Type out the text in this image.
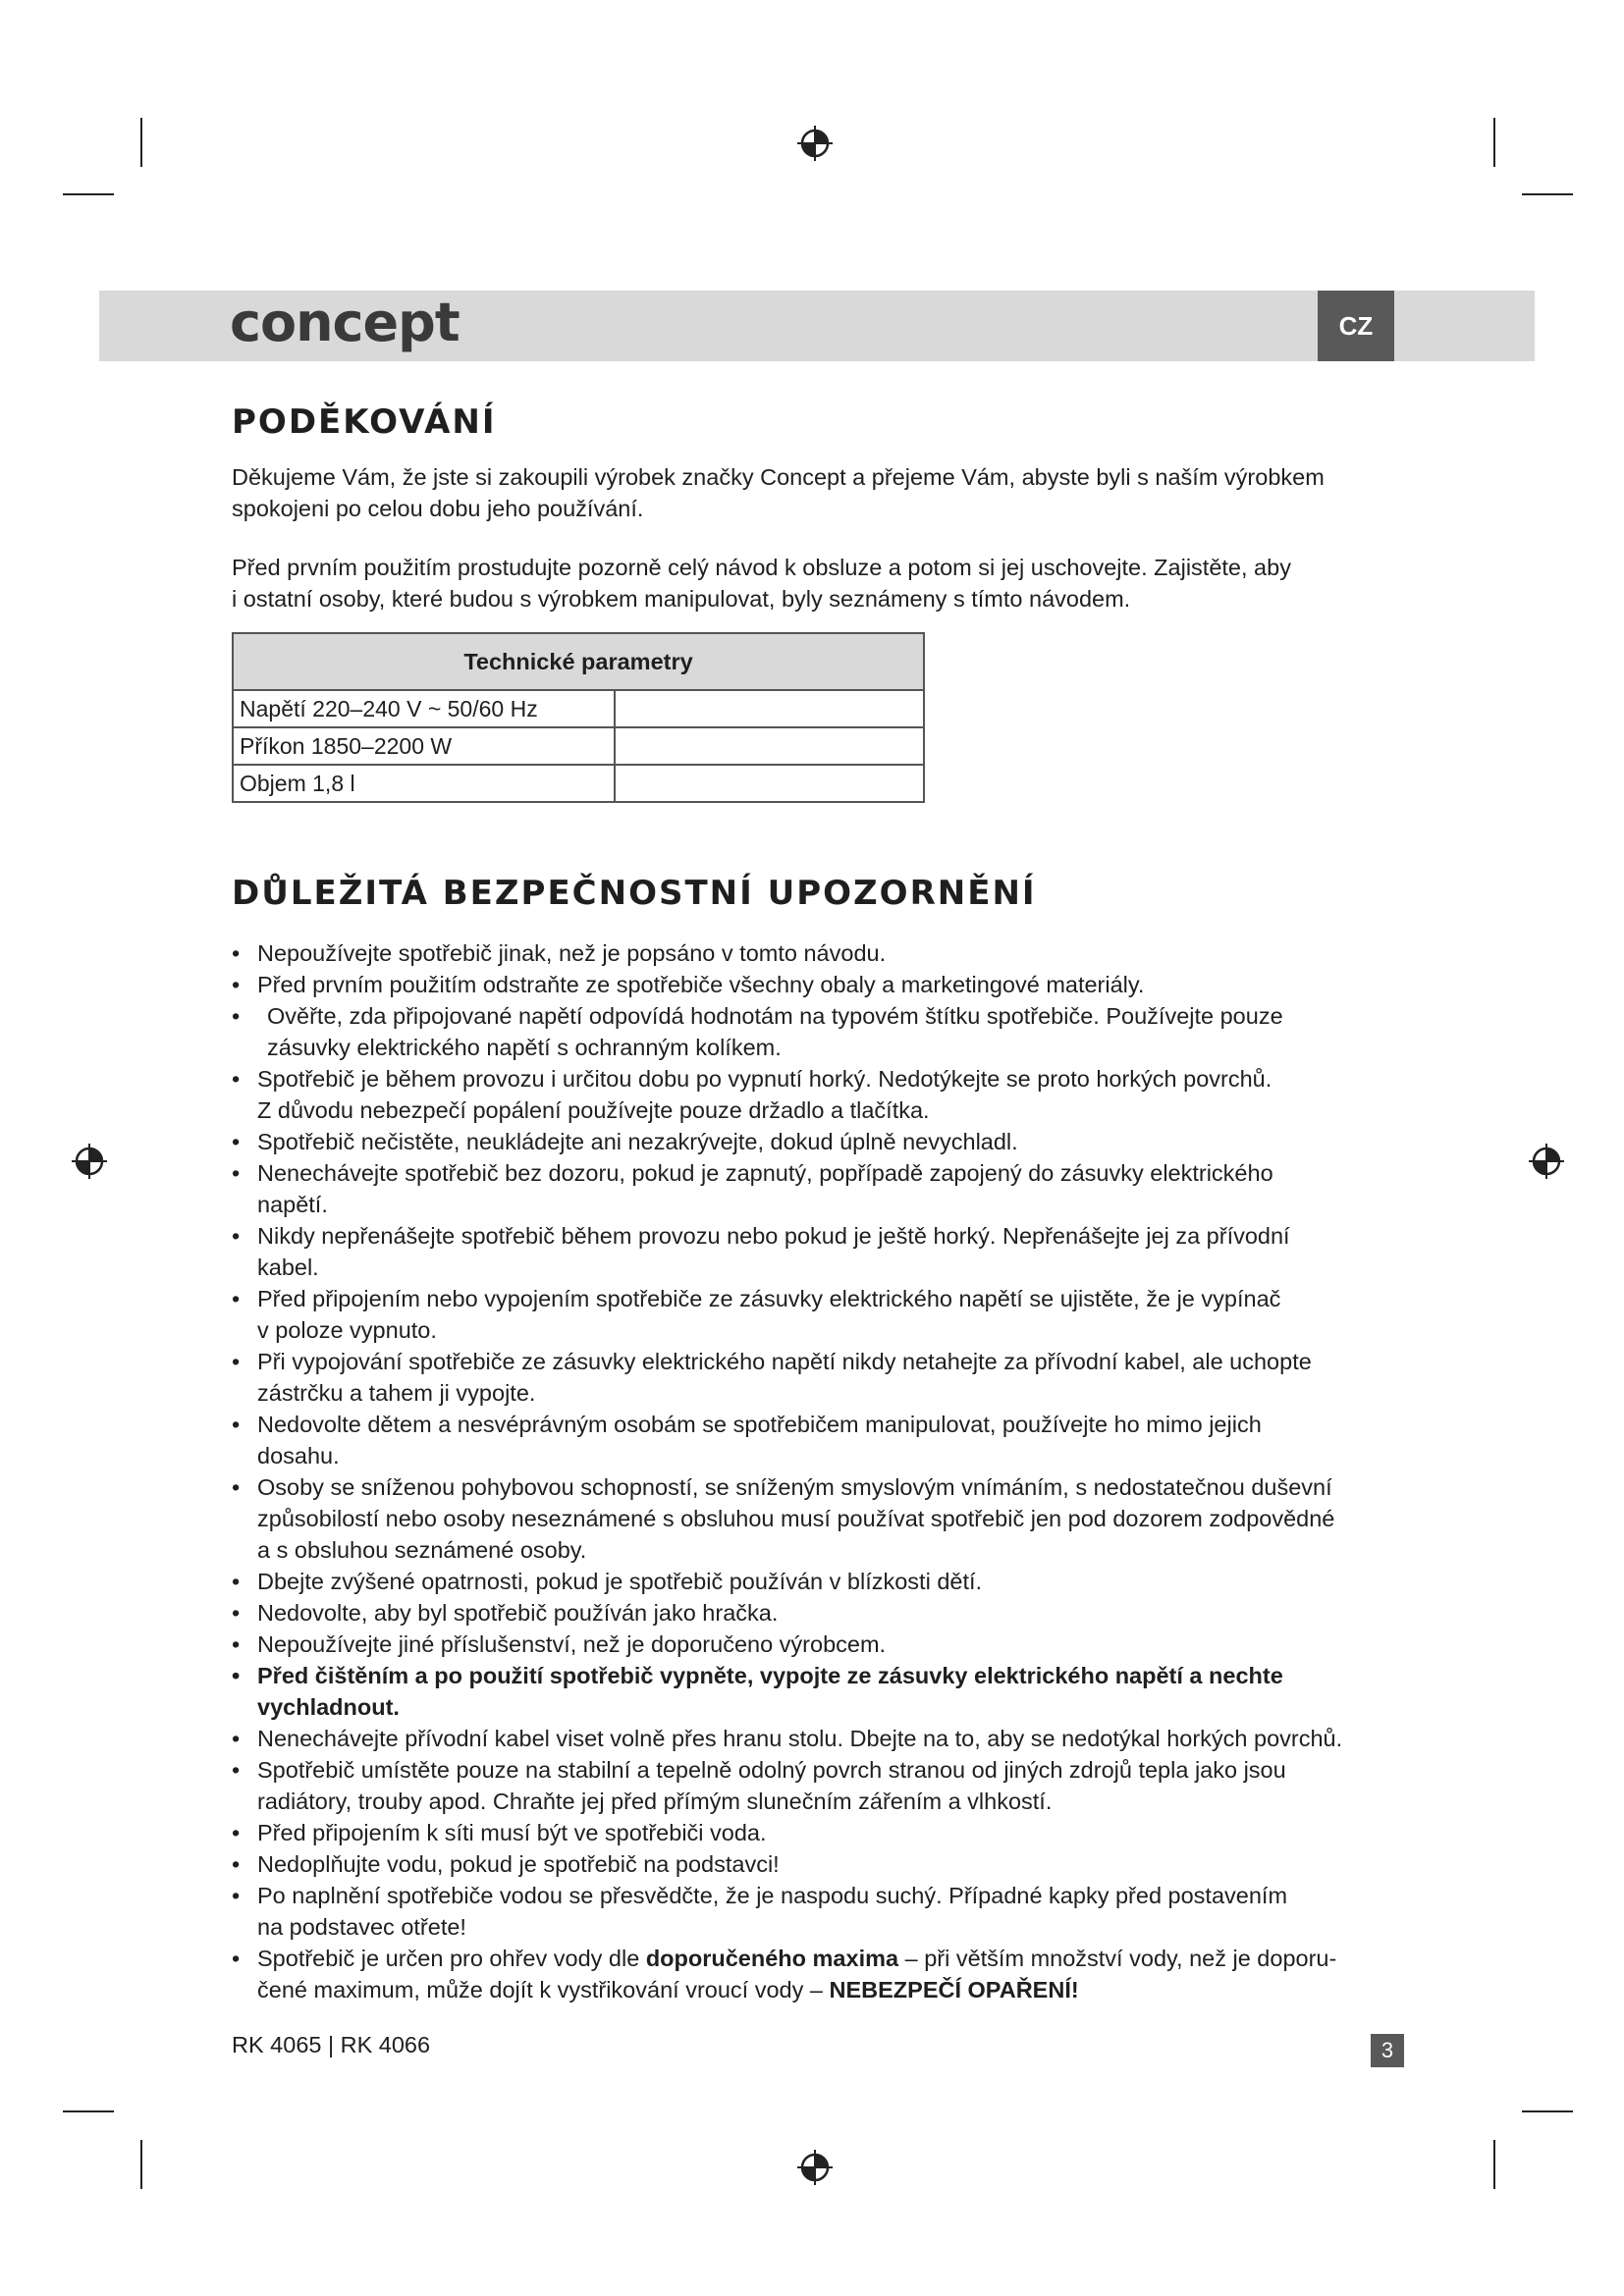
concept	CZ
PODĚKOVÁNÍ

Děkujeme Vám, že jste si zakoupili výrobek značky Concept a přejeme Vám, abyste byli s naším výrobkem

spokojeni po celou dobu jeho používání.

Před prvním použitím prostudujte pozorně celý návod k obsluze a potom si jej uschovejte. Zajistěte, aby

i ostatní osoby, které budou s výrobkem manipulovat, byly seznámeny s tímto návodem.

Technické parametry	
Napětí 220–240 V ~ 50/60 Hz	
Příkon 1850–2200 W	
Objem 1,8 l	
DŮLEŽITÁ BEZPEČNOSTNÍ UPOZORNĚNÍ
• Nepoužívejte spotřebič jinak, než je popsáno v tomto návodu.
• Před prvním použitím odstraňte ze spotřebiče všechny obaly a marketingové materiály.
• Ověřte, zda připojované napětí odpovídá hodnotám na typovém štítku spotřebiče. Používejte pouze
zásuvky elektrického napětí s ochranným kolíkem.
• Spotřebič je během provozu i určitou dobu po vypnutí horký. Nedotýkejte se proto horkých povrchů.
Z důvodu nebezpečí popálení používejte pouze držadlo a tlačítka.
• Spotřebič nečistěte, neukládejte ani nezakrývejte, dokud úplně nevychladl.
• Nenechávejte spotřebič bez dozoru, pokud je zapnutý, popřípadě zapojený do zásuvky elektrického
napětí.
• Nikdy nepřenášejte spotřebič během provozu nebo pokud je ještě horký. Nepřenášejte jej za přívodní
kabel.
• Před připojením nebo vypojením spotřebiče ze zásuvky elektrického napětí se ujistěte, že je vypínač
v poloze vypnuto.
• Při vypojování spotřebiče ze zásuvky elektrického napětí nikdy netahejte za přívodní kabel, ale uchopte
zástrčku a tahem ji vypojte.
• Nedovolte dětem a nesvéprávným osobám se spotřebičem manipulovat, používejte ho mimo jejich
dosahu.
• Osoby se sníženou pohybovou schopností, se sníženým smyslovým vnímáním, s nedostatečnou duševní
způsobilostí nebo osoby neseznámené s obsluhou musí používat spotřebič jen pod dozorem zodpovědné
a s obsluhou seznámené osoby.
• Dbejte zvýšené opatrnosti, pokud je spotřebič používán v blízkosti dětí.
• Nedovolte, aby byl spotřebič používán jako hračka.
• Nepoužívejte jiné příslušenství, než je doporučeno výrobcem.
• Před čištěním a po použití spotřebič vypněte, vypojte ze zásuvky elektrického napětí a nechte
vychladnout.
• Nenechávejte přívodní kabel viset volně přes hranu stolu. Dbejte na to, aby se nedotýkal horkých povrchů.
• Spotřebič umístěte pouze na stabilní a tepelně odolný povrch stranou od jiných zdrojů tepla jako jsou
radiátory, trouby apod. Chraňte jej před přímým slunečním zářením a vlhkostí.
• Před připojením k síti musí být ve spotřebiči voda.
• Nedoplňujte vodu, pokud je spotřebič na podstavci!
• Po naplnění spotřebiče vodou se přesvědčte, že je naspodu suchý. Případné kapky před postavením
na podstavec otřete!
• Spotřebič je určen pro ohřev vody dle doporučeného maxima – při větším množství vody, než je doporu-
čené maximum, může dojít k vystřikování vroucí vody – NEBEZPEČÍ OPAŘENÍ!
RK 4065 | RK 4066	3
